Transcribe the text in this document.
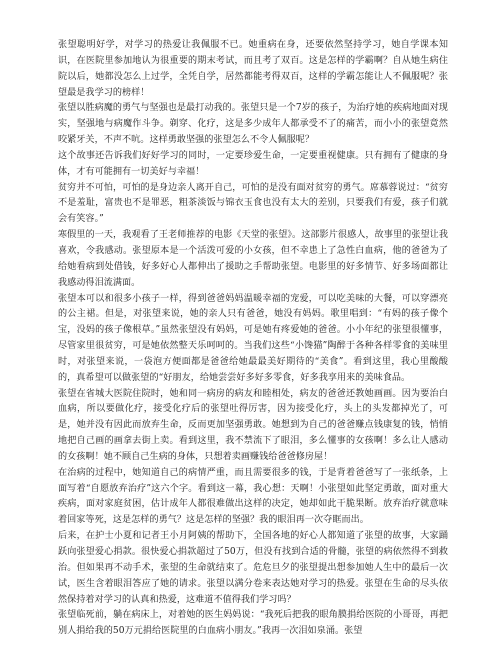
张望聪明好学，对学习的热爱让我佩服不已。她重病在身，还要依然坚持学习，她自学课本知识，在医院里参加地认为很重要的期末考试，而且考了双百。这是怎样的学霸啊？自从她生病住院以后，她都没怎么上过学，全凭自学，居然都能考得双百，这样的学霸怎能让人不佩服呢？张望最是我学习的榜样！

张望以胜病魔的勇气与坚强也是最打动我的。张望只是一个7岁的孩子，为治疗她的疾病地面对现实，坚强地与病魔作斗争。剃穿、化疗，这是多少成年人都承受不了的痛苦，而小小的张望竟然咬紧牙关，不声不吭。这样勇敢坚强的张望怎么不令人佩服呢？

这个故事还告诉我们好好学习的同时，一定要珍爱生命，一定要重视健康。只有拥有了健康的身体，才有可能拥有一切美好与幸福！

贫穷并不可怕，可怕的是身边亲人离开自己，可怕的是没有面对贫穷的勇气。席慕蓉说过：“贫穷不是羞耻，富贵也不是罪恶，粗茶淡饭与锦衣玉食也没有太大的差别，只要我们有爱，孩子们就会有笑容。”

寒假里的一天，我观看了王老师推荐的电影《天堂的张望》。这部影片很感人，故事里的张望让我喜欢，令我感动。张望原本是一个活泼可爱的小女孩，但不幸患上了急性白血病，他的爸爸为了给她看病到处借钱，好多好心人都伸出了援助之手帮助张望。电影里的好多情节、好多场面都让我感动得泪流满面。

张望本可以和很多小孩子一样，得到爸爸妈妈温暖幸福的宠爱，可以吃美味的大餐，可以穿漂亮的公主裙。但是，对张望来说，她的亲人只有爸爸，她没有妈妈。歌里唱到：“有妈的孩子像个宝，没妈的孩子像根草。”虽然张望没有妈妈，可是她有疼爱她的爸爸。小小年纪的张望很懂事，尽管家里很贫穷，可是她依然整天乐呵呵的。当我们这些“小馋猫”陶醉于各种各样零食的美味里时，对张望来说，一袋泡方便面都是爸爸给她最最美好期待的“美食”。看到这里，我心里酸酸的，真希望可以做张望的“好朋友，给她尝尝好多好多零食，好多我享用来的美味食品。

张望在省城大医院住院时，她和同一病房的病友和睦相处，病友的爸爸还教她画画。因为要治白血病，所以要做化疗，接受化疗后的张望吐得厉害，因为接受化疗，头上的头发都掉光了，可是，她并没有因此而放弃生命，反而更加坚强勇敢。她想到为自己的爸爸赚点钱康复的钱，悄悄地把自己画的画拿去街上卖。看到这里，我不禁流下了眼泪，多么懂事的女孩啊！多么让人感动的女孩啊！她不顾自己生病的身体，只想着卖画赚钱给爸爸修房屋！

在治病的过程中，她知道自己的病情严重，而且需要很多的钱，于是背着爸爸写了一张纸条，上面写着“自愿放弃治疗”这六个字。看到这一幕，我心想：天啊！小张望如此坚定勇敢，面对重大疾病，面对家庭贫困，估计成年人都很难做出这样的决定，她却如此干脆果断。放弃治疗就意味着回家等死，这是怎样的勇气？这是怎样的坚强？我的眼泪再一次夺眶而出。

后来，在护士小夏和记者王小月阿姨的帮助下，全国各地的好心人都知道了张望的故事，大家踊跃向张望爱心捐款。很快爱心捐款超过了50万，但没有找到合适的骨髓，张望的病依然得不到救治。但如果再不动手术，张望的生命就结束了。危危旦夕的张望提出想参加她人生中的最后一次试，医生含着眼泪答应了她的请求。张望以满分卷来表达她对学习的热爱。张望在生命的尽头依然保持着对学习的认真和热爱，这难道不值得我们学习吗？

张望临死前，躺在病床上，对着她的医生妈妈说：“我死后把我的眼角膜捐给医院的小哥哥，再把别人捐给我的50万元捐给医院里的白血病小朋友。”我再一次泪如泉涌。张望
